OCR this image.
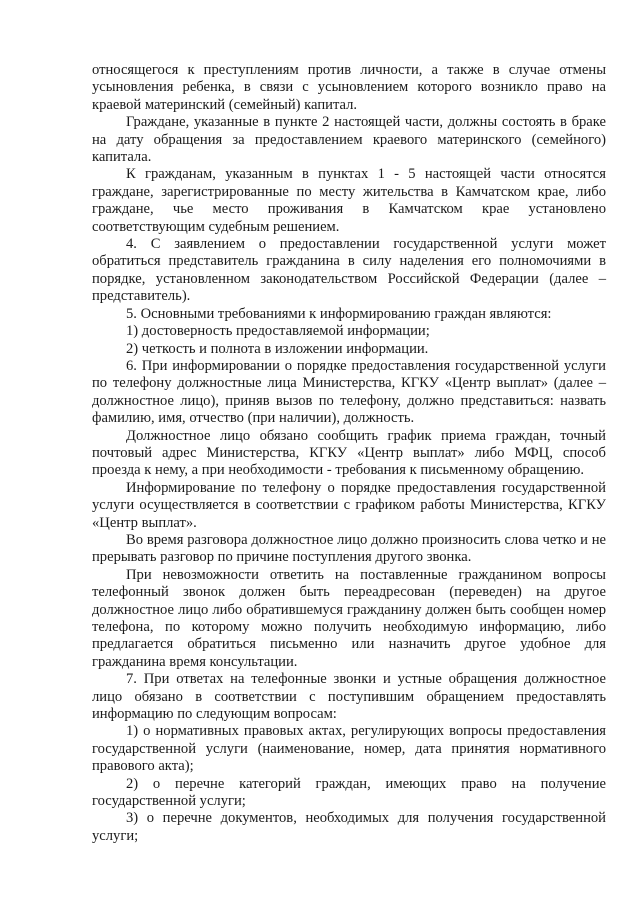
относящегося к преступлениям против личности, а также в случае отмены усыновления ребенка, в связи с усыновлением которого возникло право на краевой материнский (семейный) капитал.

Граждане, указанные в пункте 2 настоящей части, должны состоять в браке на дату обращения за предоставлением краевого материнского (семейного) капитала.

К гражданам, указанным в пунктах 1 - 5 настоящей части относятся граждане, зарегистрированные по месту жительства в Камчатском крае, либо граждане, чье место проживания в Камчатском крае установлено соответствующим судебным решением.

4. С заявлением о предоставлении государственной услуги может обратиться представитель гражданина в силу наделения его полномочиями в порядке, установленном законодательством Российской Федерации (далее – представитель).

5. Основными требованиями к информированию граждан являются:

1) достоверность предоставляемой информации;

2) четкость и полнота в изложении информации.

6. При информировании о порядке предоставления государственной услуги по телефону должностные лица Министерства, КГКУ «Центр выплат» (далее – должностное лицо), приняв вызов по телефону, должно представиться: назвать фамилию, имя, отчество (при наличии), должность.

Должностное лицо обязано сообщить график приема граждан, точный почтовый адрес Министерства, КГКУ «Центр выплат» либо МФЦ, способ проезда к нему, а при необходимости - требования к письменному обращению.

Информирование по телефону о порядке предоставления государственной услуги осуществляется в соответствии с графиком работы Министерства, КГКУ «Центр выплат».

Во время разговора должностное лицо должно произносить слова четко и не прерывать разговор по причине поступления другого звонка.

При невозможности ответить на поставленные гражданином вопросы телефонный звонок должен быть переадресован (переведен) на другое должностное лицо либо обратившемуся гражданину должен быть сообщен номер телефона, по которому можно получить необходимую информацию, либо предлагается обратиться письменно или назначить другое удобное для гражданина время консультации.

7. При ответах на телефонные звонки и устные обращения должностное лицо обязано в соответствии с поступившим обращением предоставлять информацию по следующим вопросам:

1) о нормативных правовых актах, регулирующих вопросы предоставления государственной услуги (наименование, номер, дата принятия нормативного правового акта);

2) о перечне категорий граждан, имеющих право на получение государственной услуги;

3) о перечне документов, необходимых для получения государственной услуги;
